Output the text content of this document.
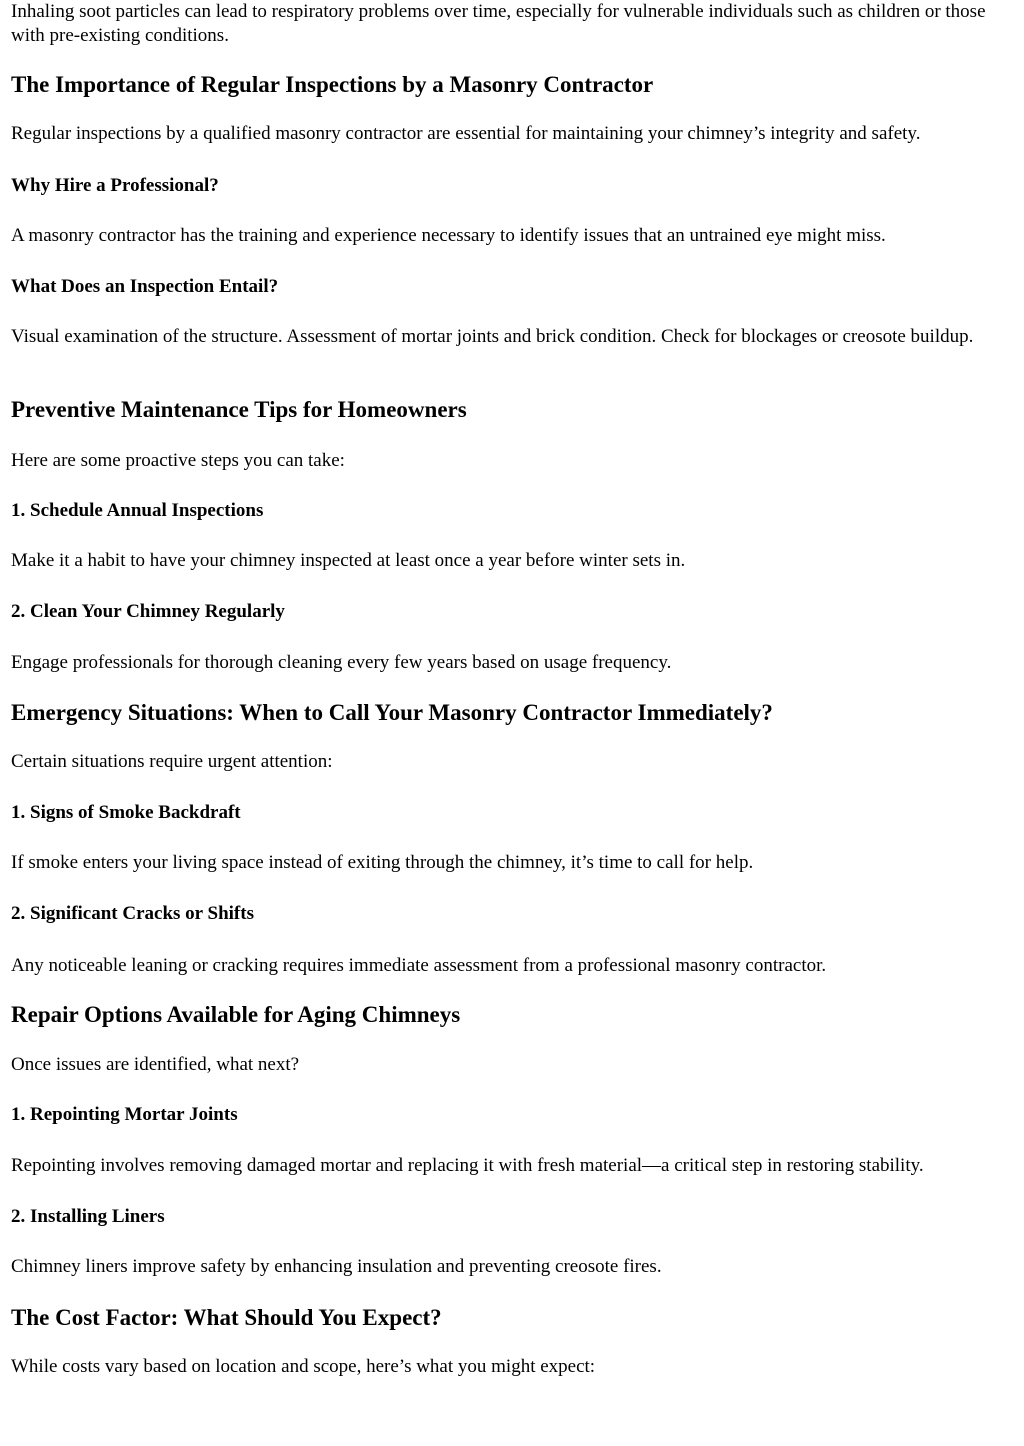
Inhaling soot particles can lead to respiratory problems over time, especially for vulnerable individuals such as children or those with pre-existing conditions.

The Importance of Regular Inspections by a Masonry Contractor

Regular inspections by a qualified masonry contractor are essential for maintaining your chimney’s integrity and safety.

Why Hire a Professional?

A masonry contractor has the training and experience necessary to identify issues that an untrained eye might miss.

What Does an Inspection Entail?

Visual examination of the structure. Assessment of mortar joints and brick condition. Check for blockages or creosote buildup.

Preventive Maintenance Tips for Homeowners

Here are some proactive steps you can take:

1. Schedule Annual Inspections

Make it a habit to have your chimney inspected at least once a year before winter sets in.

2. Clean Your Chimney Regularly

Engage professionals for thorough cleaning every few years based on usage frequency.

Emergency Situations: When to Call Your Masonry Contractor Immediately?

Certain situations require urgent attention:

1. Signs of Smoke Backdraft

If smoke enters your living space instead of exiting through the chimney, it’s time to call for help.

2. Significant Cracks or Shifts

Any noticeable leaning or cracking requires immediate assessment from a professional masonry contractor.

Repair Options Available for Aging Chimneys

Once issues are identified, what next?

1. Repointing Mortar Joints

Repointing involves removing damaged mortar and replacing it with fresh material—a critical step in restoring stability.

2. Installing Liners

Chimney liners improve safety by enhancing insulation and preventing creosote fires.

The Cost Factor: What Should You Expect?

While costs vary based on location and scope, here’s what you might expect:
